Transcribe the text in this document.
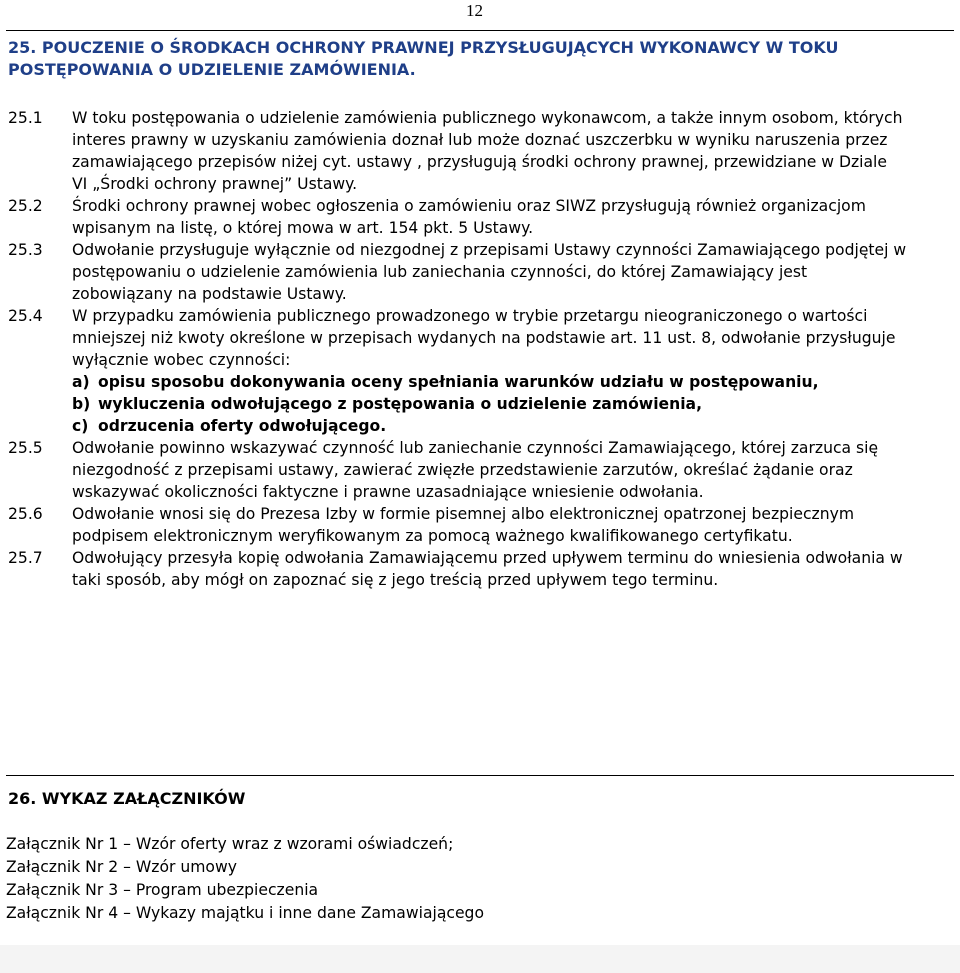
12
25. POUCZENIE O ŚRODKACH OCHRONY PRAWNEJ PRZYSŁUGUJĄCYCH WYKONAWCY W TOKU
POSTĘPOWANIA O UDZIELENIE ZAMÓWIENIA.
25.1	W toku postępowania o udzielenie zamówienia publicznego wykonawcom, a także innym osobom, których
interes prawny w uzyskaniu zamówienia doznał lub może doznać uszczerbku w wyniku naruszenia przez
zamawiającego przepisów niżej cyt. ustawy , przysługują środki ochrony prawnej, przewidziane w Dziale
VI „Środki ochrony prawnej” Ustawy.
25.2	Środki ochrony prawnej wobec ogłoszenia o zamówieniu oraz SIWZ przysługują również organizacjom
wpisanym na listę, o której mowa w art. 154 pkt. 5 Ustawy.
25.3	Odwołanie przysługuje wyłącznie od niezgodnej z przepisami Ustawy czynności Zamawiającego podjętej w
postępowaniu o udzielenie zamówienia lub zaniechania czynności, do której Zamawiający jest
zobowiązany na podstawie Ustawy.
25.4	W przypadku zamówienia publicznego prowadzonego w trybie przetargu nieograniczonego o wartości
mniejszej niż kwoty określone w przepisach wydanych na podstawie art. 11 ust. 8, odwołanie przysługuje
wyłącznie wobec czynności:
a) opisu sposobu dokonywania oceny spełniania warunków udziału w postępowaniu,
b) wykluczenia odwołującego z postępowania o udzielenie zamówienia,
c) odrzucenia oferty odwołującego.
25.5	Odwołanie powinno wskazywać czynność lub zaniechanie czynności Zamawiającego, której zarzuca się
niezgodność z przepisami ustawy, zawierać zwięzłe przedstawienie zarzutów, określać żądanie oraz
wskazywać okoliczności faktyczne i prawne uzasadniające wniesienie odwołania.
25.6	Odwołanie wnosi się do Prezesa Izby w formie pisemnej albo elektronicznej opatrzonej bezpiecznym
podpisem elektronicznym weryfikowanym za pomocą ważnego kwalifikowanego certyfikatu.
25.7	Odwołujący przesyła kopię odwołania Zamawiającemu przed upływem terminu do wniesienia odwołania w
taki sposób, aby mógł on zapoznać się z jego treścią przed upływem tego terminu.
26. WYKAZ ZAŁĄCZNIKÓW
Załącznik Nr 1 – Wzór oferty wraz z wzorami oświadczeń;
Załącznik Nr 2 – Wzór umowy
Załącznik Nr 3 – Program ubezpieczenia
Załącznik Nr 4 – Wykazy majątku i inne dane Zamawiającego
